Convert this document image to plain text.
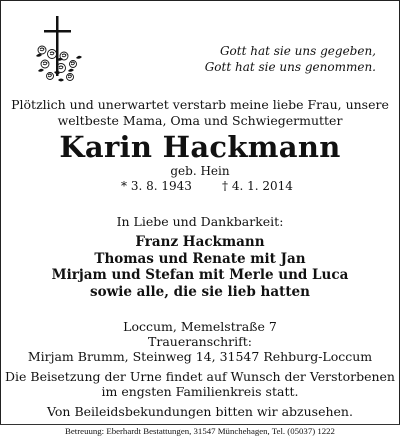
Gott hat sie uns gegeben,
Gott hat sie uns genommen.
Plötzlich und unerwartet verstarb meine liebe Frau, unsere
weltbeste Mama, Oma und Schwiegermutter
Karin Hackmann
geb. Hein
* 3. 8. 1943	† 4. 1. 2014
In Liebe und Dankbarkeit:
Franz Hackmann
Thomas und Renate mit Jan
Mirjam und Stefan mit Merle und Luca
sowie alle, die sie lieb hatten
Loccum, Memelstraße 7
Traueranschrift:
Mirjam Brumm, Steinweg 14, 31547 Rehburg-Loccum
Die Beisetzung der Urne findet auf Wunsch der Verstorbenen
im engsten Familienkreis statt.
Von Beileidsbekundungen bitten wir abzusehen.
Betreuung: Eberhardt Bestattungen, 31547 Münchehagen, Tel. (05037) 1222
